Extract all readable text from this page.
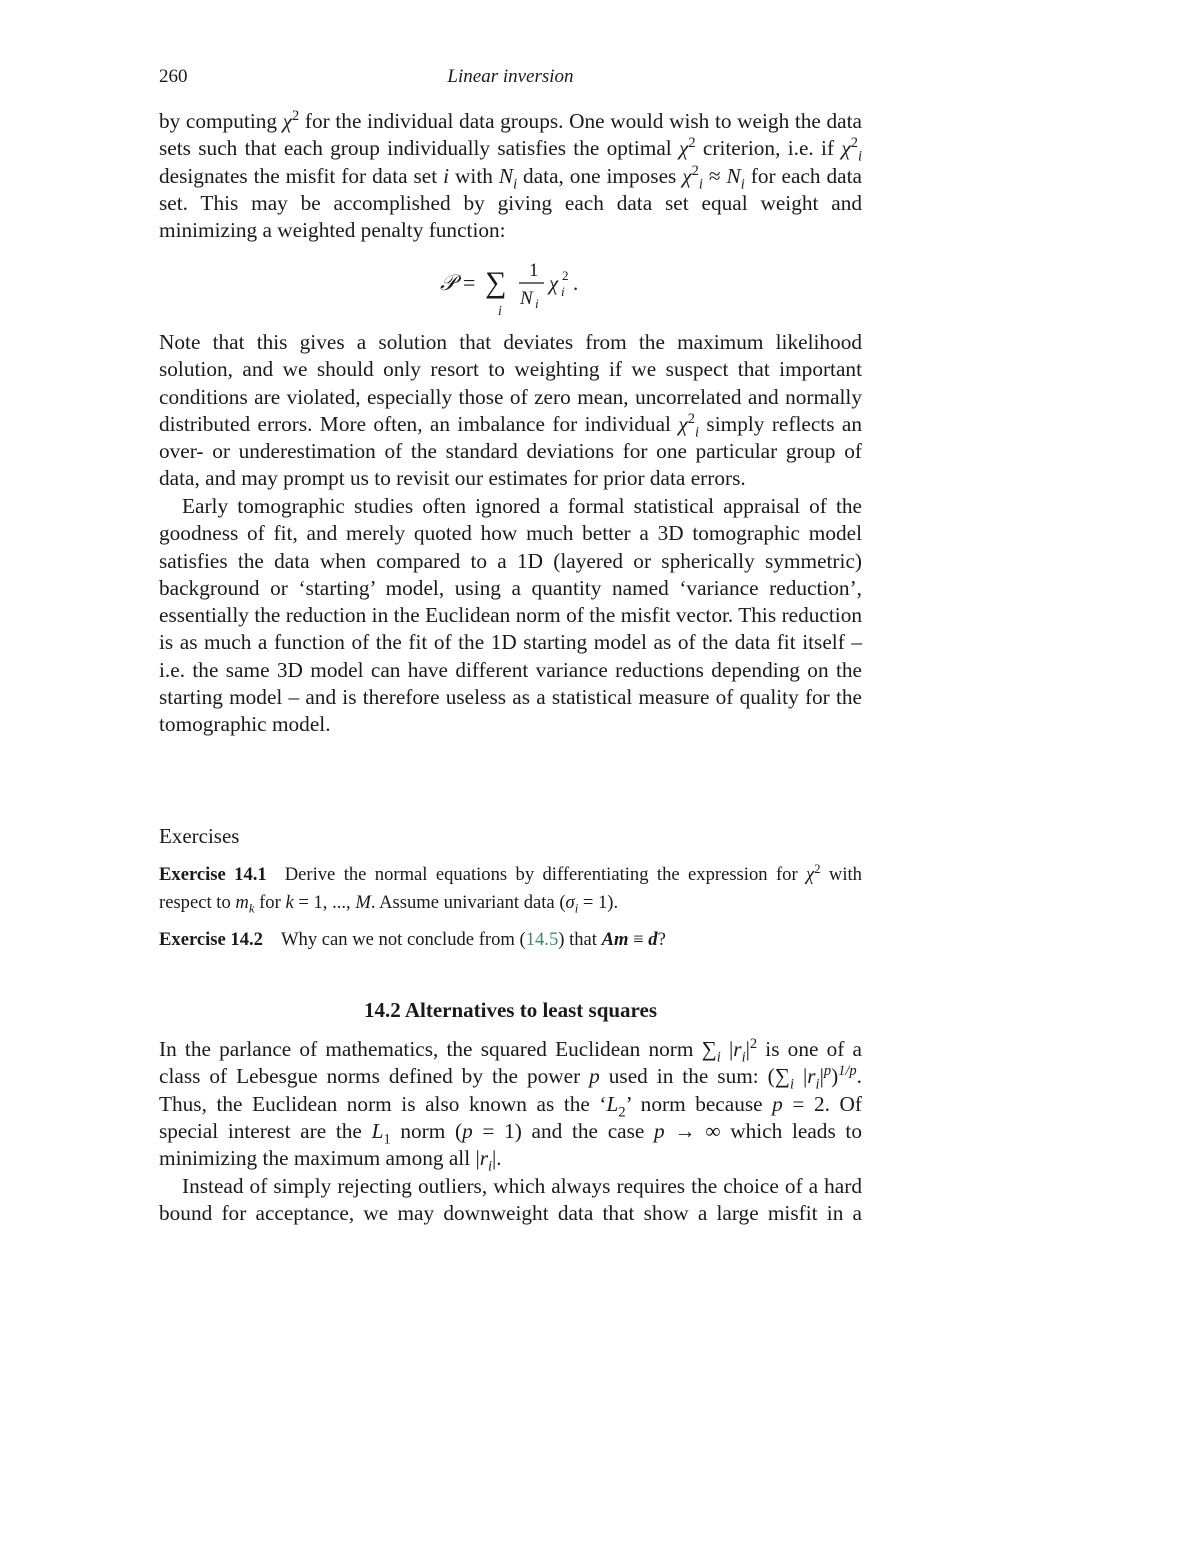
260	Linear inversion

by computing $\chi^2$ for the individual data groups. One would wish to weigh the data sets such that each group individually satisfies the optimal $\chi^2$ criterion, i.e. if $\chi^2_i$ designates the misfit for data set i with $N_i$ data, one imposes $\chi^2_i \approx N_i$ for each data set. This may be accomplished by giving each data set equal weight and minimizing a weighted penalty function:

𝒫 = ∑
i
1
N i
χ 2
i .

Note that this gives a solution that deviates from the maximum likelihood solution, and we should only resort to weighting if we suspect that important conditions are violated, especially those of zero mean, uncorrelated and normally distributed errors. More often, an imbalance for individual $\chi^2_i$ simply reflects an over- or underestimation of the standard deviations for one particular group of data, and may prompt us to revisit our estimates for prior data errors.

Early tomographic studies often ignored a formal statistical appraisal of the goodness of fit, and merely quoted how much better a 3D tomographic model satisfies the data when compared to a 1D (layered or spherically symmetric) background or ‘starting’ model, using a quantity named ‘variance reduction’, essentially the reduction in the Euclidean norm of the misfit vector. This reduction is as much a function of the fit of the 1D starting model as of the data fit itself – i.e. the same 3D model can have different variance reductions depending on the starting model – and is therefore useless as a statistical measure of quality for the tomographic model.

Exercises

Exercise 14.1 Derive the normal equations by differentiating the expression for $\chi^2$ with respect to $m_k$ for k = 1, ..., M. Assume univariant data $(\sigma_i = 1)$.

Exercise 14.2 Why can we not conclude from (14.5) that Am ≡ d?

14.2 Alternatives to least squares

In the parlance of mathematics, the squared Euclidean norm $\sum_i$ $|r_i|^2$ is one of a class of Lebesgue norms defined by the power p used in the sum: ($\sum_i$ $|r_i|^p)^{1/p}$. Thus, the Euclidean norm is also known as the ‘$L_2$’ norm because p = 2. Of special interest are the $L_1$ norm (p = 1) and the case p → ∞ which leads to minimizing the maximum among all $|r_i|$.

Instead of simply rejecting outliers, which always requires the choice of a hard bound for acceptance, we may downweight data that show a large misfit in a
